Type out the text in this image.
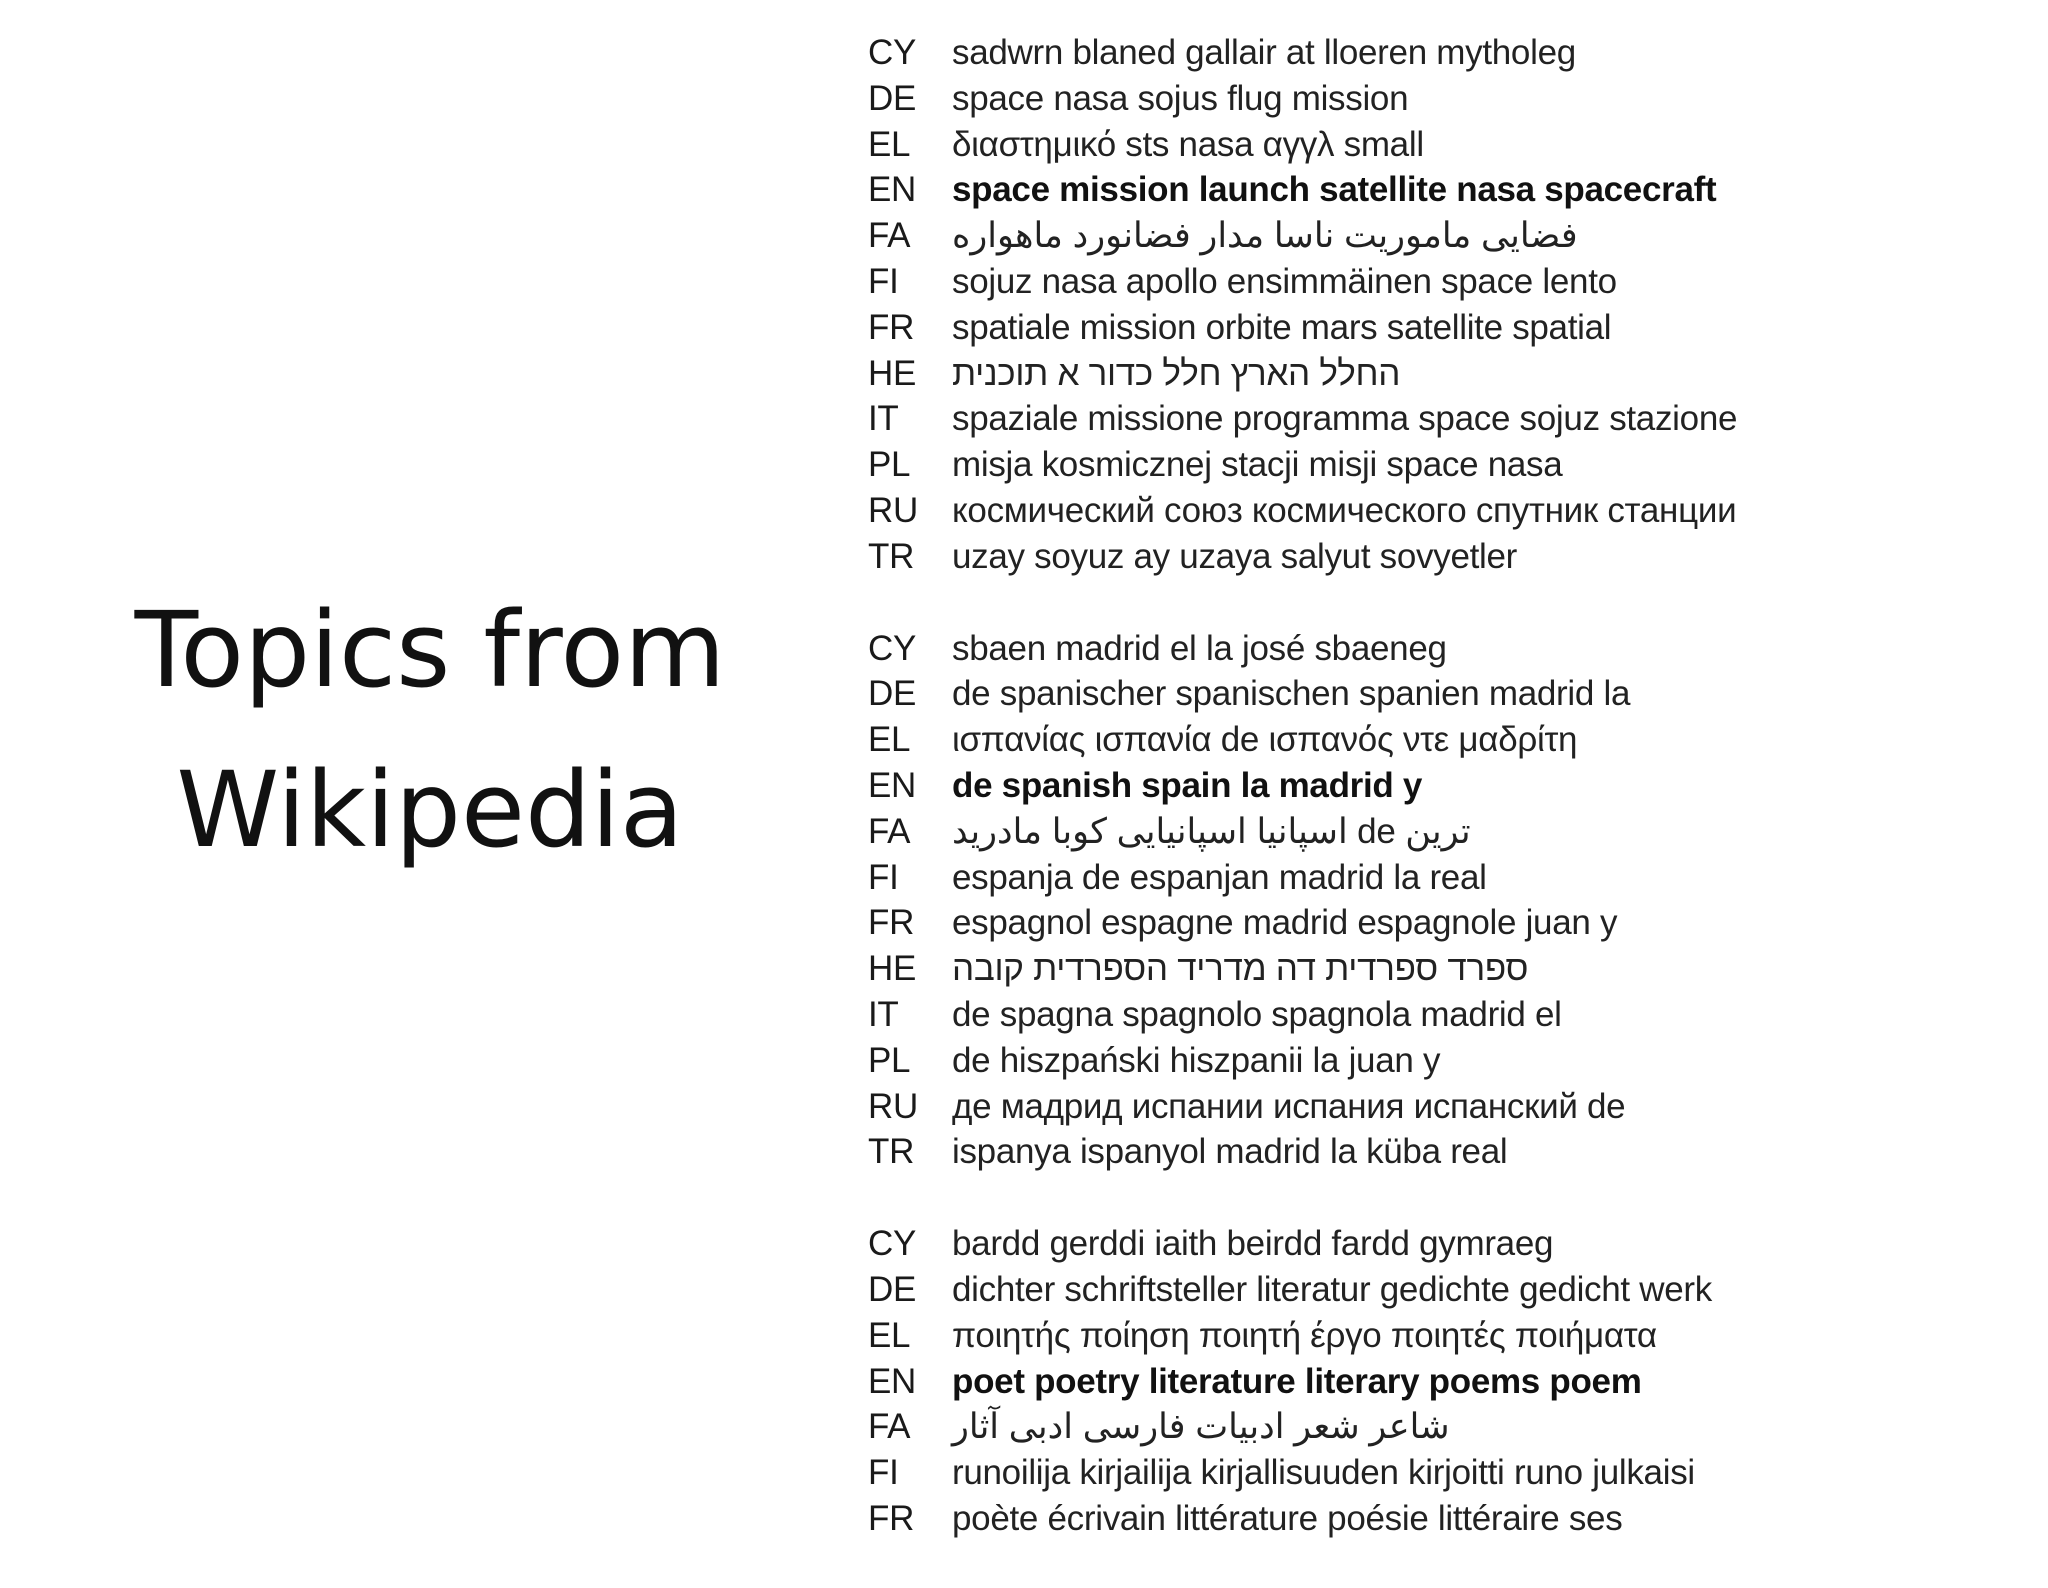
Topics from
Wikipedia
CY	sadwrn blaned gallair at lloeren mytholeg
DE	space nasa sojus flug mission
EL	διαστημικό sts nasa αγγλ small
EN	space mission launch satellite nasa spacecraft
FA	فضایی ماموریت ناسا مدار فضانورد ماهواره
FI	sojuz nasa apollo ensimmäinen space lento
FR	spatiale mission orbite mars satellite spatial
HE	החלל הארץ חלל כדור א תוכנית
IT	spaziale missione programma space sojuz stazione
PL	misja kosmicznej stacji misji space nasa
RU космический союз космического спутник станции
TR	uzay soyuz ay uzaya salyut sovyetler
CY	sbaen madrid el la josé sbaeneg
DE	de spanischer spanischen spanien madrid la
EL	ισπανίας ισπανία de ισπανός ντε μαδρίτη
EN	de spanish spain la madrid y
FA	ترین de اسپانیا اسپانیایی کوبا مادرید
FI	espanja de espanjan madrid la real
FR	espagnol espagne madrid espagnole juan y
HE	ספרד ספרדית דה מדריד הספרדית קובה
IT	de spagna spagnolo spagnola madrid el
PL	de hiszpański hiszpanii la juan y
RU де мадрид испании испания испанский de
TR	ispanya ispanyol madrid la küba real
CY	bardd gerddi iaith beirdd fardd gymraeg
DE	dichter schriftsteller literatur gedichte gedicht werk
EL	ποιητής ποίηση ποιητή έργο ποιητές ποιήματα
EN	poet poetry literature literary poems poem
FA	شاعر شعر ادبیات فارسی ادبی آثار
FI	runoilija kirjailija kirjallisuuden kirjoitti runo julkaisi
FR	poète écrivain littérature poésie littéraire ses
